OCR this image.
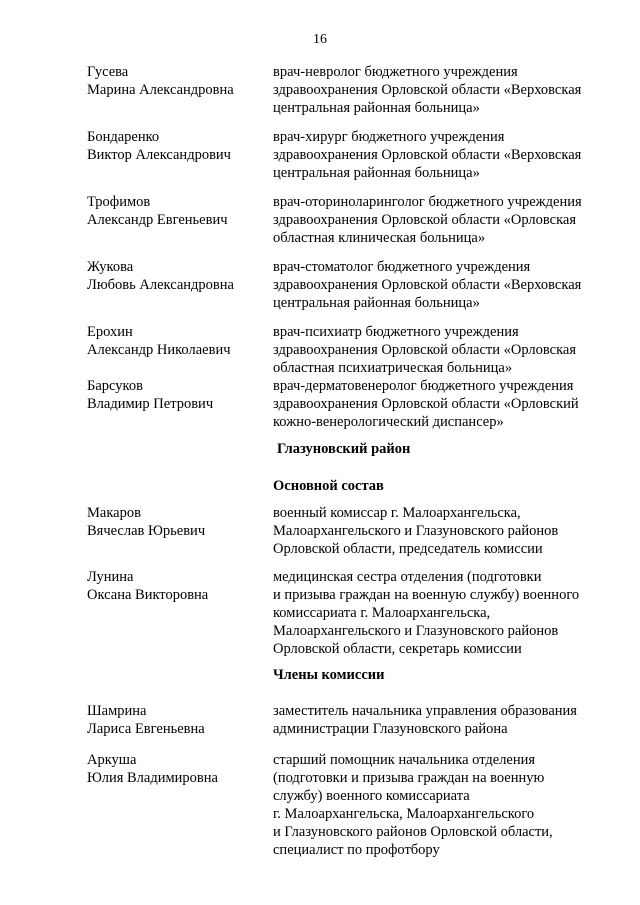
16
Гусева
Марина Александровна
врач-невролог бюджетного учреждения
здравоохранения Орловской области «Верховская
центральная районная больница»
Бондаренко
Виктор Александрович
врач-хирург бюджетного учреждения
здравоохранения Орловской области «Верховская
центральная районная больница»
Трофимов
Александр Евгеньевич
врач-оториноларинголог бюджетного учреждения
здравоохранения Орловской области «Орловская
областная клиническая больница»
Жукова
Любовь Александровна
врач-стоматолог бюджетного учреждения
здравоохранения Орловской области «Верховская
центральная районная больница»
Ерохин
Александр Николаевич
врач-психиатр бюджетного учреждения
здравоохранения Орловской области «Орловская
областная психиатрическая больница»
Барсуков
Владимир Петрович
врач-дерматовенеролог бюджетного учреждения
здравоохранения Орловской области «Орловский
кожно-венерологический диспансер»
Глазуновский район
Основной состав
Макаров
Вячеслав Юрьевич
военный комиссар г. Малоархангельска,
Малоархангельского и Глазуновского районов
Орловской области, председатель комиссии
Лунина
Оксана Викторовна
медицинская сестра отделения (подготовки
и призыва граждан на военную службу) военного
комиссариата г. Малоархангельска,
Малоархангельского и Глазуновского районов
Орловской области, секретарь комиссии
Члены комиссии
Шамрина
Лариса Евгеньевна
заместитель начальника управления образования
администрации Глазуновского района
Аркуша
Юлия Владимировна
старший помощник начальника отделения
(подготовки и призыва граждан на военную
службу) военного комиссариата
г. Малоархангельска, Малоархангельского
и Глазуновского районов Орловской области,
специалист по профотбору
